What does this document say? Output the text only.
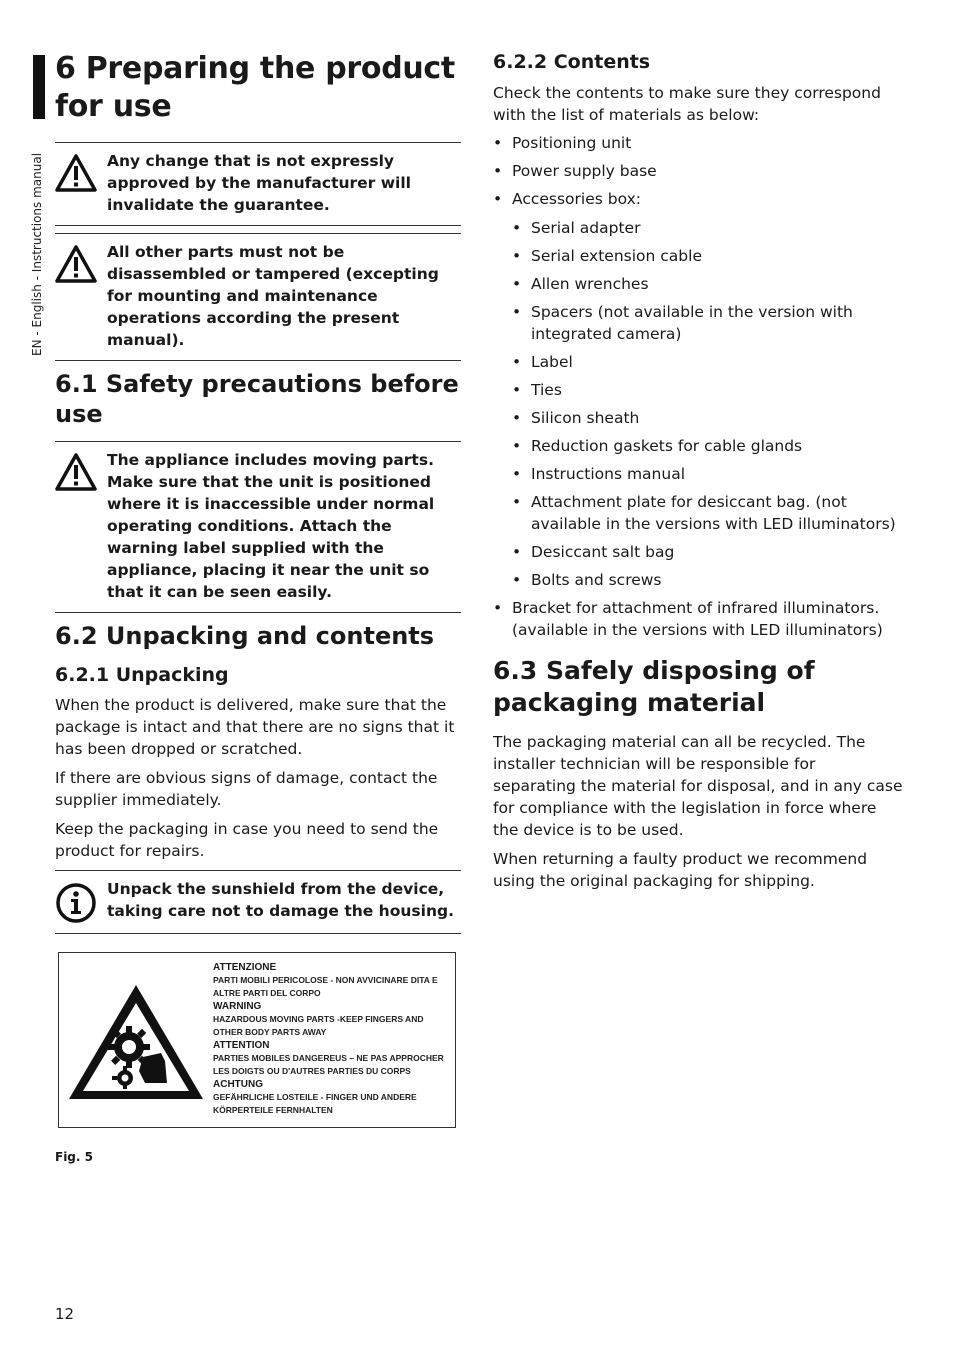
EN - English - Instructions manual
6 Preparing the product for use
Any change that is not expressly approved by the manufacturer will invalidate the guarantee.
All other parts must not be disassembled or tampered (excepting for mounting and maintenance operations according the present manual).
6.1 Safety precautions before use
The appliance includes moving parts. Make sure that the unit is positioned where it is inaccessible under normal operating conditions. Attach the warning label supplied with the appliance, placing it near the unit so that it can be seen easily.
6.2 Unpacking and contents
6.2.1 Unpacking

When the product is delivered, make sure that the package is intact and that there are no signs that it has been dropped or scratched.

If there are obvious signs of damage, contact the supplier immediately.

Keep the packaging in case you need to send the product for repairs.

Unpack the sunshield from the device, taking care not to damage the housing.
ATTENZIONE
PARTI MOBILI PERICOLOSE - NON AVVICINARE DITA E ALTRE PARTI DEL CORPO
WARNING
HAZARDOUS MOVING PARTS -KEEP FINGERS AND OTHER BODY PARTS AWAY
ATTENTION
PARTIES MOBILES DANGEREUS – NE PAS APPROCHER LES DOIGTS OU D'AUTRES PARTIES DU CORPS
ACHTUNG
GEFÄHRLICHE LOSTEILE - FINGER UND ANDERE KÖRPERTEILE FERNHALTEN
Fig. 5
6.2.2 Contents

Check the contents to make sure they correspond with the list of materials as below:

• Positioning unit
• Power supply base
• Accessories box:
• Serial adapter
• Serial extension cable
• Allen wrenches
• Spacers (not available in the version with integrated camera)
• Label
• Ties
• Silicon sheath
• Reduction gaskets for cable glands
• Instructions manual
• Attachment plate for desiccant bag. (not available in the versions with LED illuminators)
• Desiccant salt bag
• Bolts and screws
• Bracket for attachment of infrared illuminators. (available in the versions with LED illuminators)
6.3 Safely disposing of packaging material

The packaging material can all be recycled. The installer technician will be responsible for separating the material for disposal, and in any case for compliance with the legislation in force where the device is to be used.

When returning a faulty product we recommend using the original packaging for shipping.

12
